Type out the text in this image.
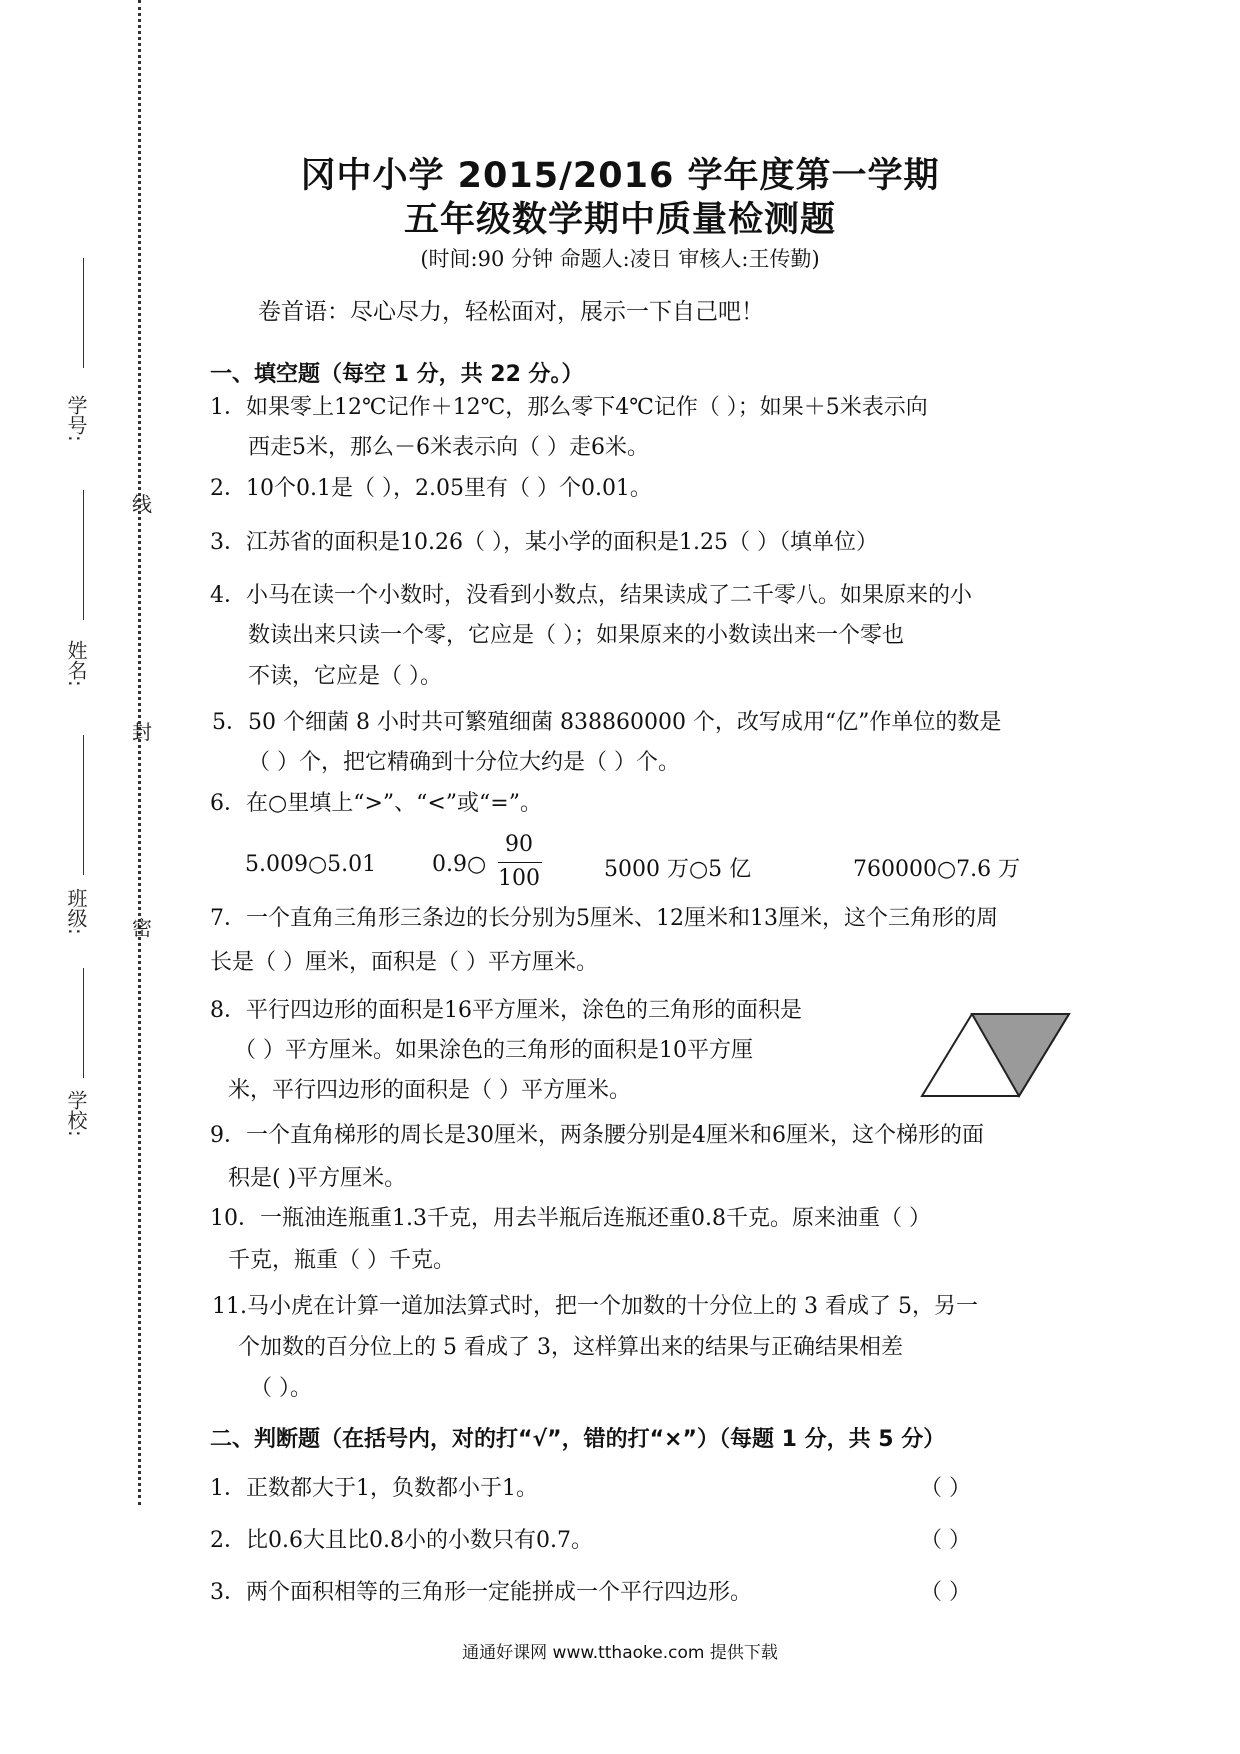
学号:
姓名:
班级:
学校:
线
封
密
冈中小学 2015/2016 学年度第一学期
五年级数学期中质量检测题
(时间:90 分钟 命题人:凌日 审核人:王传勤)
卷首语：尽心尽力，轻松面对，展示一下自己吧！
一、填空题（每空 1 分，共 22 分。）
1．如果零上12℃记作＋12℃，那么零下4℃记作（ ）；如果＋5米表示向
西走5米，那么－6米表示向（ ）走6米。
2．10个0.1是（ ），2.05里有（ ）个0.01。
3．江苏省的面积是10.26（ ），某小学的面积是1.25（ ）（填单位）
4．小马在读一个小数时，没看到小数点，结果读成了二千零八。如果原来的小
数读出来只读一个零，它应是（ ）；如果原来的小数读出来一个零也
不读，它应是（ ）。
5．50 个细菌 8 小时共可繁殖细菌 838860000 个，改写成用“亿”作单位的数是
（ ）个，把它精确到十分位大约是（ ）个。
6．在○里填上“>”、“<”或“=”。
5.009○5.01	0.9○
90
100	5000 万○5 亿	760000○7.6 万
7．一个直角三角形三条边的长分别为5厘米、12厘米和13厘米，这个三角形的周
长是（ ）厘米，面积是（ ）平方厘米。
8．平行四边形的面积是16平方厘米，涂色的三角形的面积是
（ ）平方厘米。如果涂色的三角形的面积是10平方厘
米，平行四边形的面积是（ ）平方厘米。
9．一个直角梯形的周长是30厘米，两条腰分别是4厘米和6厘米，这个梯形的面
积是( )平方厘米。
10．一瓶油连瓶重1.3千克，用去半瓶后连瓶还重0.8千克。原来油重（ ）
千克，瓶重（ ）千克。
11.马小虎在计算一道加法算式时，把一个加数的十分位上的 3 看成了 5，另一
个加数的百分位上的 5 看成了 3，这样算出来的结果与正确结果相差
（ ）。
二、判断题（在括号内，对的打“√”，错的打“×”）（每题 1 分，共 5 分）
1．正数都大于1，负数都小于1。	（ ）
2．比0.6大且比0.8小的小数只有0.7。	（ ）
3．两个面积相等的三角形一定能拼成一个平行四边形。	（ ）
通通好课网 www.tthaoke.com 提供下载
